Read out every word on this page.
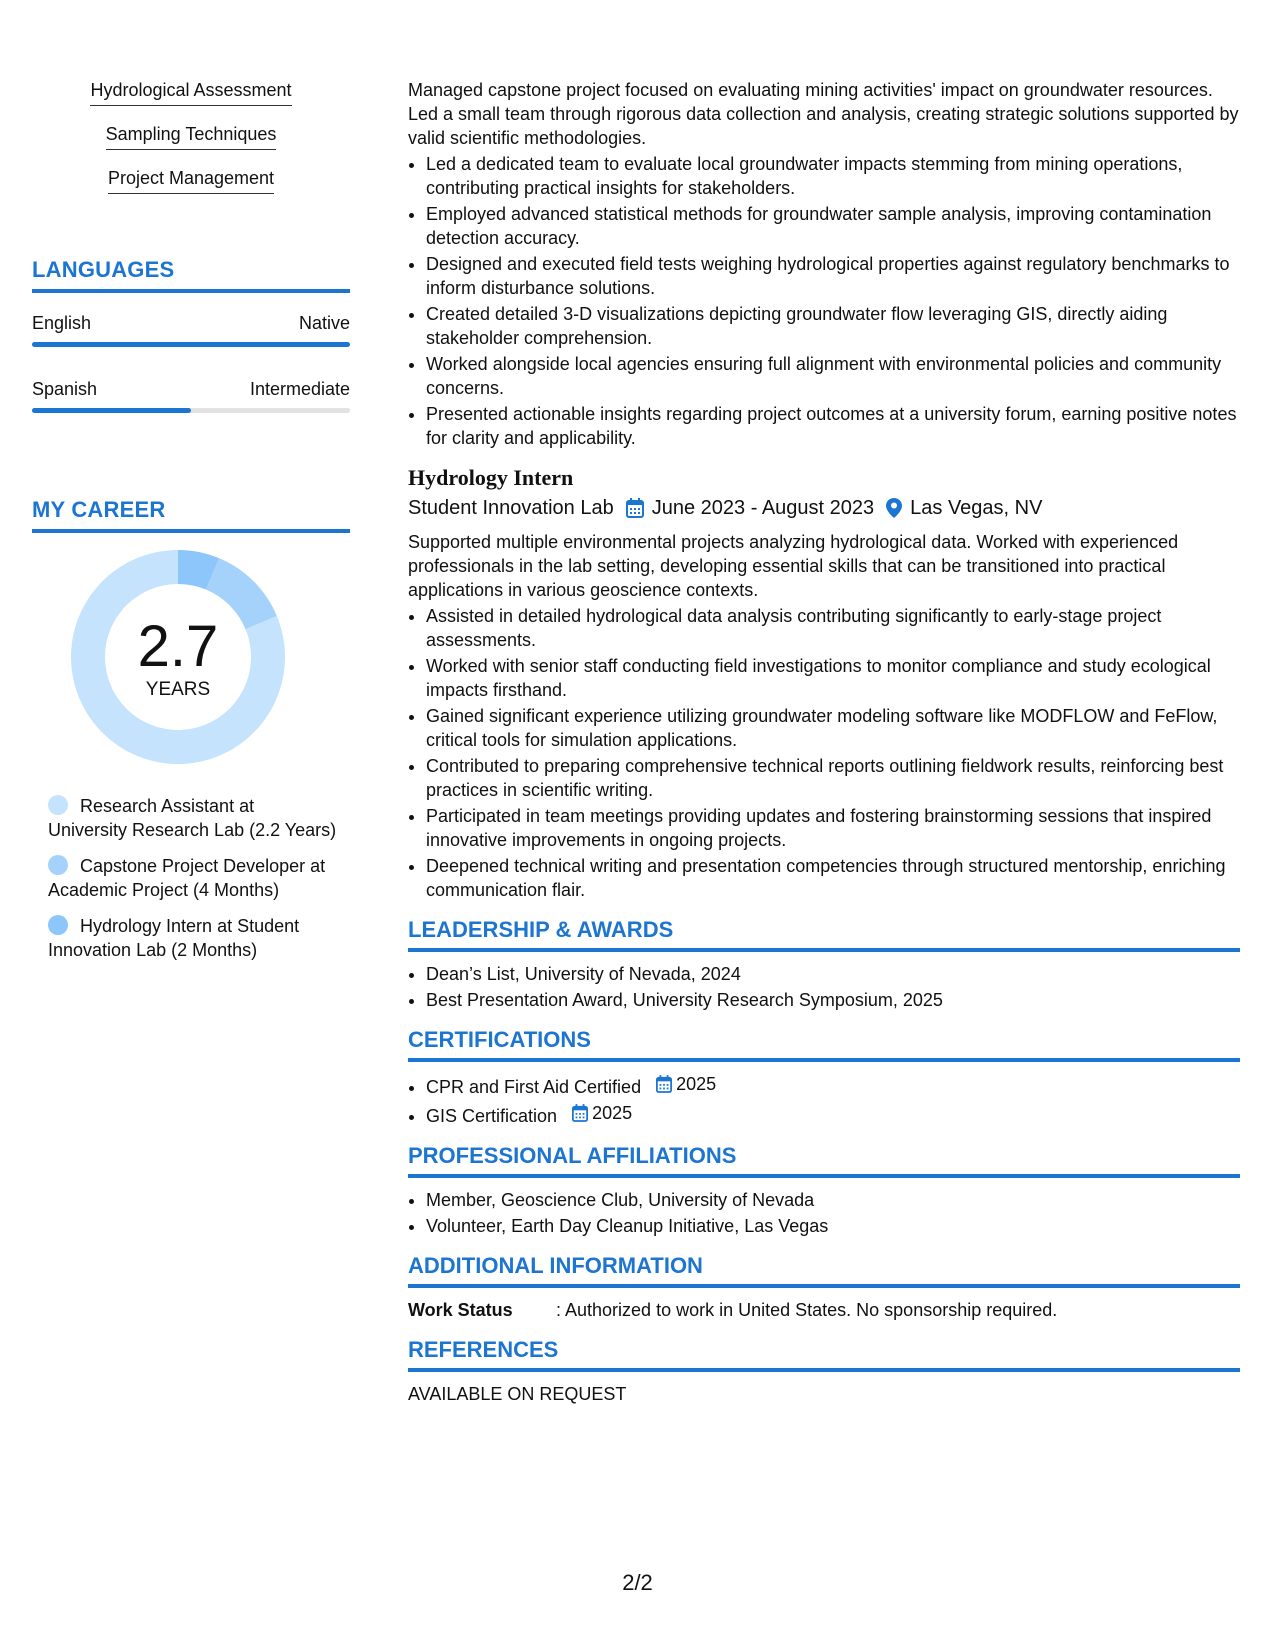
Hydrological Assessment
Sampling Techniques
Project Management
LANGUAGES
English	Native
Spanish	Intermediate
MY CAREER
2.7
YEARS
Research Assistant at University Research Lab (2.2 Years)
Capstone Project Developer at Academic Project (4 Months)
Hydrology Intern at Student Innovation Lab (2 Months)

Managed capstone project focused on evaluating mining activities' impact on groundwater resources. Led a small team through rigorous data collection and analysis, creating strategic solutions supported by valid scientific methodologies.

• Led a dedicated team to evaluate local groundwater impacts stemming from mining operations, contributing practical insights for stakeholders.
• Employed advanced statistical methods for groundwater sample analysis, improving contamination detection accuracy.
• Designed and executed field tests weighing hydrological properties against regulatory benchmarks to inform disturbance solutions.
• Created detailed 3-D visualizations depicting groundwater flow leveraging GIS, directly aiding stakeholder comprehension.
• Worked alongside local agencies ensuring full alignment with environmental policies and community concerns.
• Presented actionable insights regarding project outcomes at a university forum, earning positive notes for clarity and applicability.
Hydrology Intern
Student Innovation Lab June 2023 - August 2023 Las Vegas, NV

Supported multiple environmental projects analyzing hydrological data. Worked with experienced professionals in the lab setting, developing essential skills that can be transitioned into practical applications in various geoscience contexts.

• Assisted in detailed hydrological data analysis contributing significantly to early-stage project assessments.
• Worked with senior staff conducting field investigations to monitor compliance and study ecological impacts firsthand.
• Gained significant experience utilizing groundwater modeling software like MODFLOW and FeFlow, critical tools for simulation applications.
• Contributed to preparing comprehensive technical reports outlining fieldwork results, reinforcing best practices in scientific writing.
• Participated in team meetings providing updates and fostering brainstorming sessions that inspired innovative improvements in ongoing projects.
• Deepened technical writing and presentation competencies through structured mentorship, enriching communication flair.
LEADERSHIP & AWARDS
• Dean’s List, University of Nevada, 2024
• Best Presentation Award, University Research Symposium, 2025
CERTIFICATIONS
• CPR and First Aid Certified 2025
• GIS Certification 2025
PROFESSIONAL AFFILIATIONS
• Member, Geoscience Club, University of Nevada
• Volunteer, Earth Day Cleanup Initiative, Las Vegas
ADDITIONAL INFORMATION
Work Status	: Authorized to work in United States. No sponsorship required.
REFERENCES
AVAILABLE ON REQUEST
2/2
